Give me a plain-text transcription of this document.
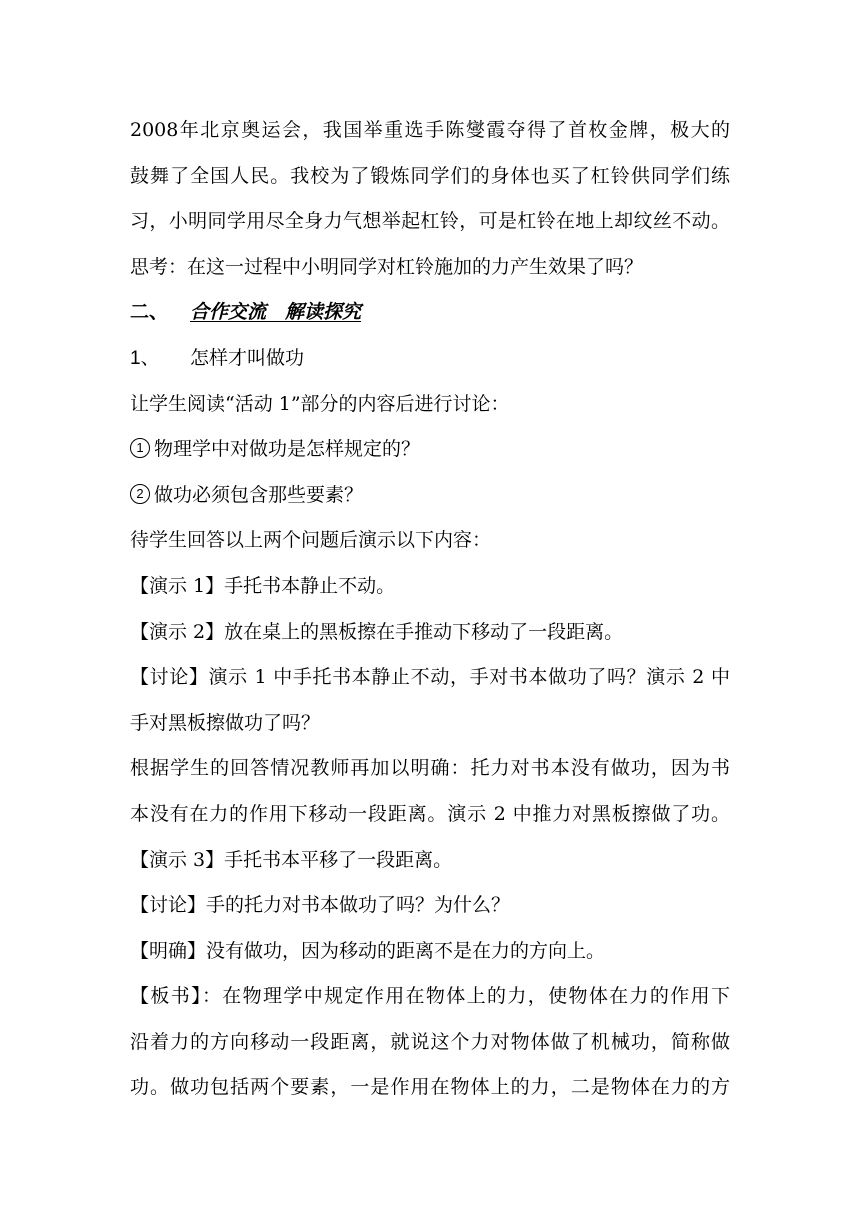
2008年北京奥运会，我国举重选手陈燮霞夺得了首枚金牌，极大的
鼓舞了全国人民。我校为了锻炼同学们的身体也买了杠铃供同学们练
习，小明同学用尽全身力气想举起杠铃，可是杠铃在地上却纹丝不动。
思考：在这一过程中小明同学对杠铃施加的力产生效果了吗？
二、 合作交流　解读探究
1、 怎样才叫做功
让学生阅读“活动 1”部分的内容后进行讨论：
1 物理学中对做功是怎样规定的？
2 做功必须包含那些要素？
待学生回答以上两个问题后演示以下内容：
【演示 1】手托书本静止不动。
【演示 2】放在桌上的黑板擦在手推动下移动了一段距离。
【讨论】演示 1 中手托书本静止不动，手对书本做功了吗？演示 2 中
手对黑板擦做功了吗？
根据学生的回答情况教师再加以明确：托力对书本没有做功，因为书
本没有在力的作用下移动一段距离。演示 2 中推力对黑板擦做了功。
【演示 3】手托书本平移了一段距离。
【讨论】手的托力对书本做功了吗？为什么？
【明确】没有做功，因为移动的距离不是在力的方向上。
【板书】：在物理学中规定作用在物体上的力，使物体在力的作用下
沿着力的方向移动一段距离，就说这个力对物体做了机械功，简称做
功。做功包括两个要素，一是作用在物体上的力，二是物体在力的方
